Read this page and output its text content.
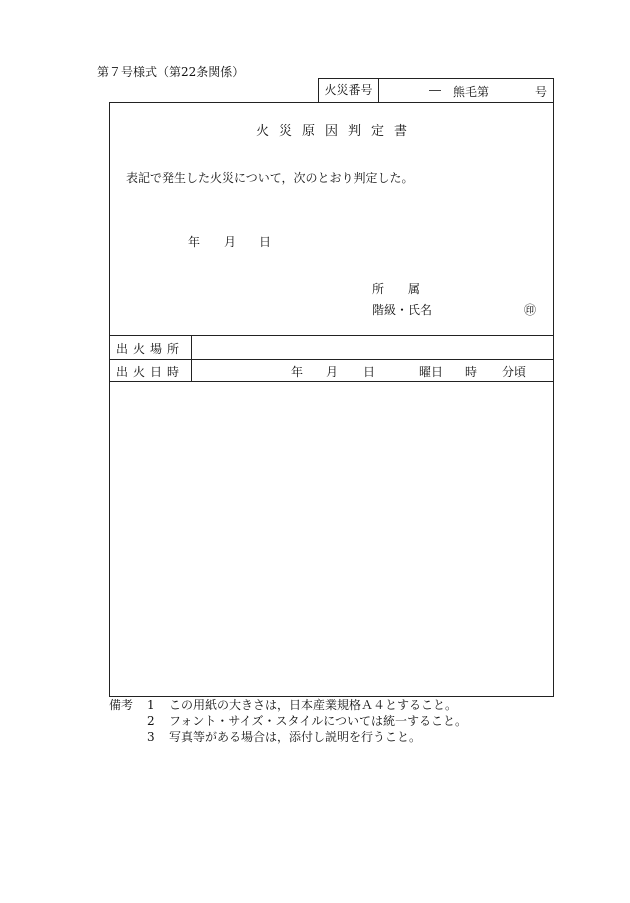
第７号様式（第22条関係）
火災番号	― 熊毛第	号
火災原因判定書
表記で発生した火災について，次のとおり判定した。
年 月 日
所　　属
階級・氏名	㊞
出火場所
出火日時	年 月 日	曜日 時 分頃
備考 1 この用紙の大きさは，日本産業規格Ａ４とすること。
2 フォント・サイズ・スタイルについては統一すること。
3 写真等がある場合は，添付し説明を行うこと。
